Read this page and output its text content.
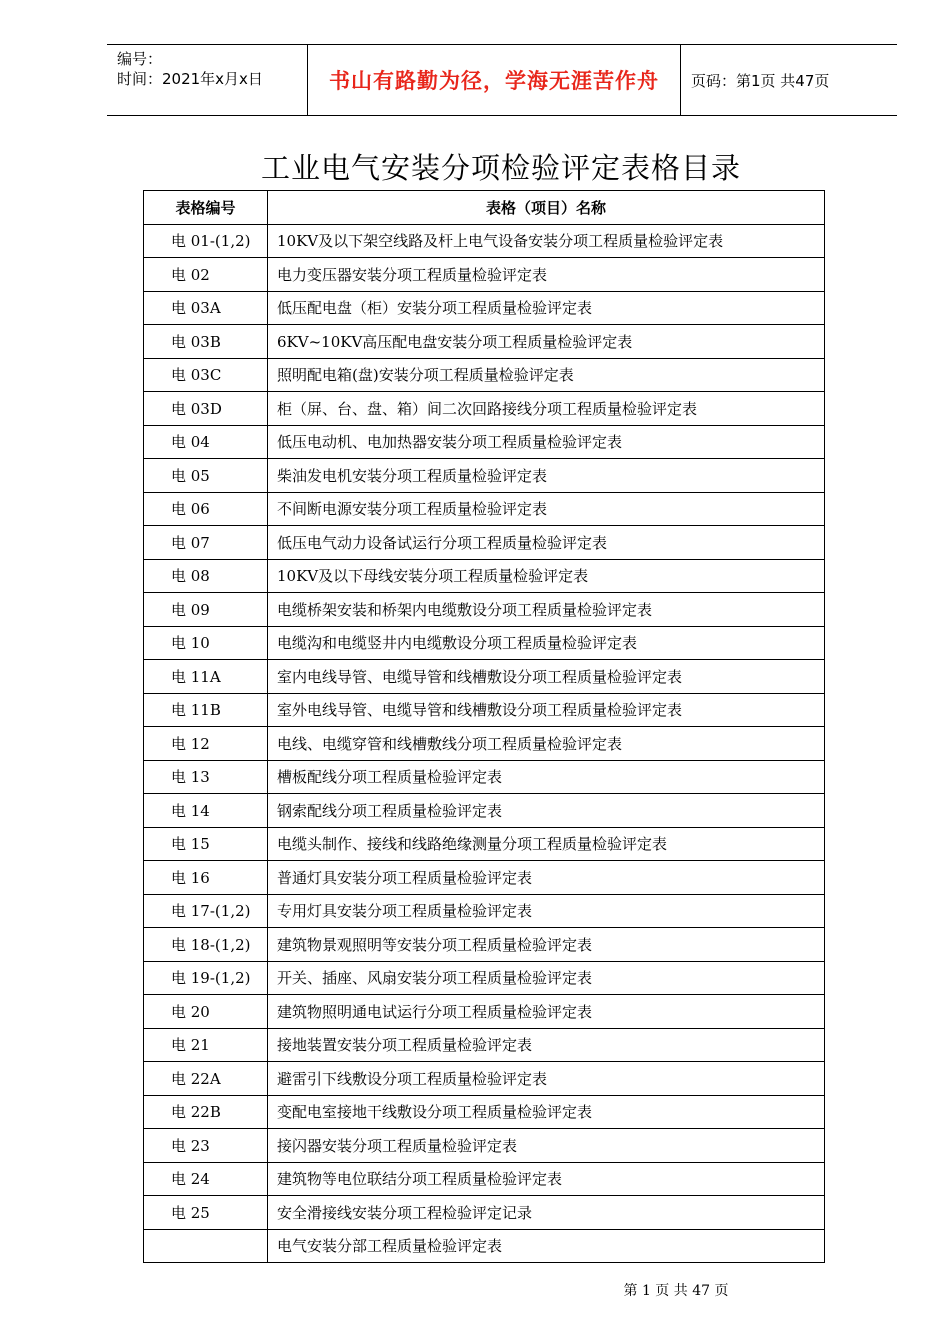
编号：
时间：2021年x月x日	书山有路勤为径，学海无涯苦作舟	页码：第1页 共47页
工业电气安装分项检验评定表格目录
表格编号	表格（项目）名称
电 01-(1,2)	10KV及以下架空线路及杆上电气设备安装分项工程质量检验评定表
电 02	电力变压器安装分项工程质量检验评定表
电 03A	低压配电盘（柜）安装分项工程质量检验评定表
电 03B	6KV~10KV高压配电盘安装分项工程质量检验评定表
电 03C	照明配电箱(盘)安装分项工程质量检验评定表
电 03D	柜（屏、台、盘、箱）间二次回路接线分项工程质量检验评定表
电 04	低压电动机、电加热器安装分项工程质量检验评定表
电 05	柴油发电机安装分项工程质量检验评定表
电 06	不间断电源安装分项工程质量检验评定表
电 07	低压电气动力设备试运行分项工程质量检验评定表
电 08	10KV及以下母线安装分项工程质量检验评定表
电 09	电缆桥架安装和桥架内电缆敷设分项工程质量检验评定表
电 10	电缆沟和电缆竖井内电缆敷设分项工程质量检验评定表
电 11A	室内电线导管、电缆导管和线槽敷设分项工程质量检验评定表
电 11B	室外电线导管、电缆导管和线槽敷设分项工程质量检验评定表
电 12	电线、电缆穿管和线槽敷线分项工程质量检验评定表
电 13	槽板配线分项工程质量检验评定表
电 14	钢索配线分项工程质量检验评定表
电 15	电缆头制作、接线和线路绝缘测量分项工程质量检验评定表
电 16	普通灯具安装分项工程质量检验评定表
电 17-(1,2)	专用灯具安装分项工程质量检验评定表
电 18-(1,2)	建筑物景观照明等安装分项工程质量检验评定表
电 19-(1,2)	开关、插座、风扇安装分项工程质量检验评定表
电 20	建筑物照明通电试运行分项工程质量检验评定表
电 21	接地装置安装分项工程质量检验评定表
电 22A	避雷引下线敷设分项工程质量检验评定表
电 22B	变配电室接地干线敷设分项工程质量检验评定表
电 23	接闪器安装分项工程质量检验评定表
电 24	建筑物等电位联结分项工程质量检验评定表
电 25	安全滑接线安装分项工程检验评定记录
	电气安装分部工程质量检验评定表
第 1 页 共 47 页
